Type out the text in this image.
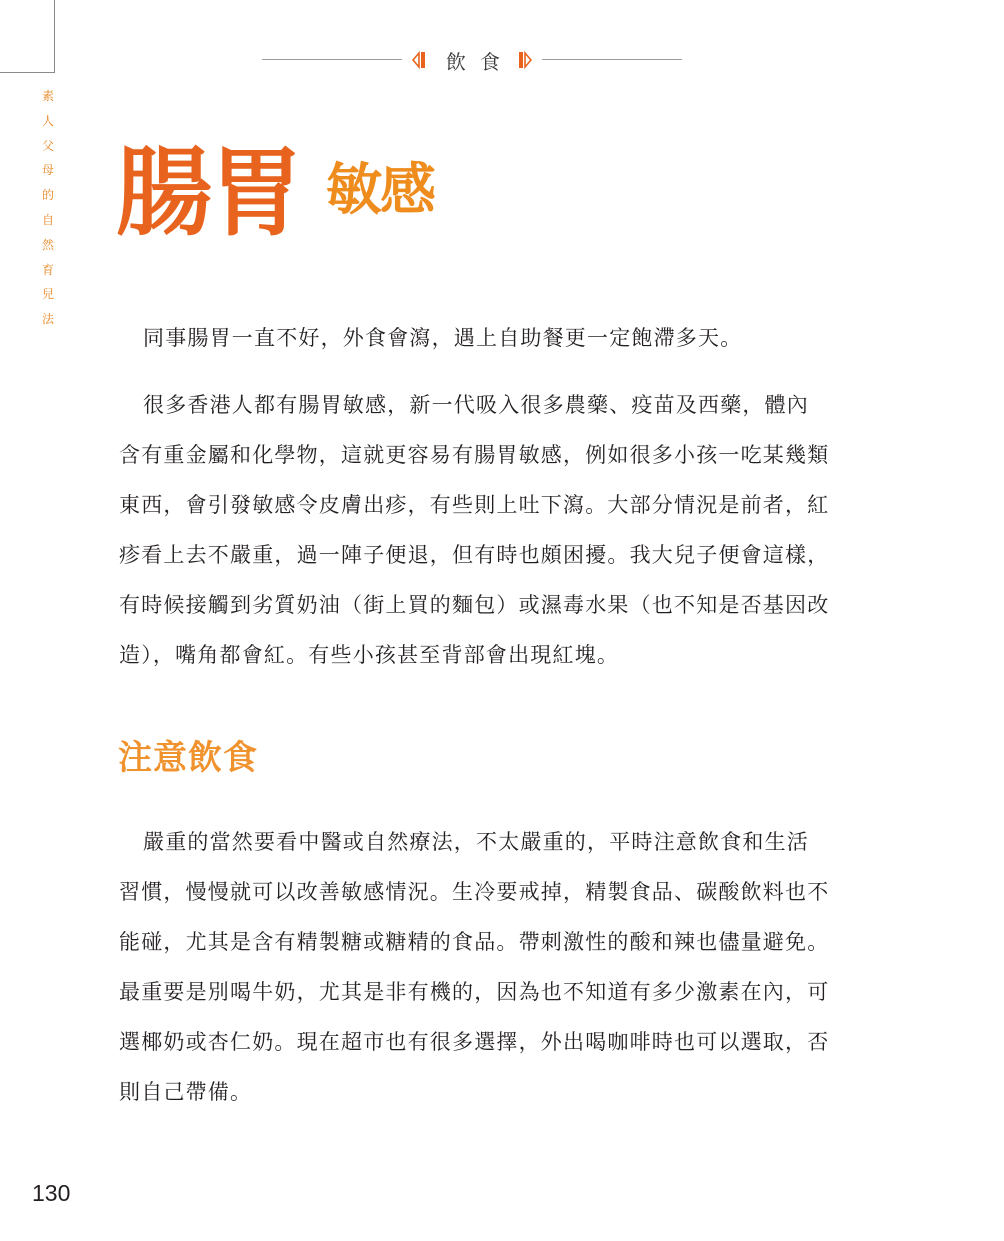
飲食
素
人
父
母
的
自
然
育
兒
法
腸胃 敏感

同事腸胃一直不好，外食會瀉，遇上自助餐更一定飽滯多天。

很多香港人都有腸胃敏感，新一代吸入很多農藥、疫苗及西藥，體內含有重金屬和化學物，這就更容易有腸胃敏感，例如很多小孩一吃某幾類東西，會引發敏感令皮膚出疹，有些則上吐下瀉。大部分情況是前者，紅疹看上去不嚴重，過一陣子便退，但有時也頗困擾。我大兒子便會這樣，有時候接觸到劣質奶油（街上買的麵包）或濕毒水果（也不知是否基因改造），嘴角都會紅。有些小孩甚至背部會出現紅塊。

注意飲食

嚴重的當然要看中醫或自然療法，不太嚴重的，平時注意飲食和生活習慣，慢慢就可以改善敏感情況。生冷要戒掉，精製食品、碳酸飲料也不能碰，尤其是含有精製糖或糖精的食品。帶刺激性的酸和辣也儘量避免。最重要是別喝牛奶，尤其是非有機的，因為也不知道有多少激素在內，可選椰奶或杏仁奶。現在超市也有很多選擇，外出喝咖啡時也可以選取，否則自己帶備。

130
